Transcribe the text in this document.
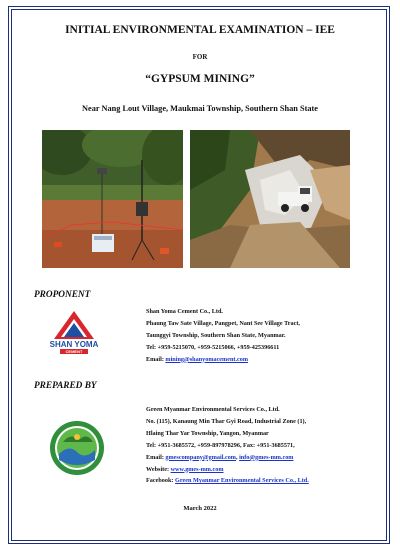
INITIAL ENVIRONMENTAL EXAMINATION – IEE
FOR
“GYPSUM MINING”
Near Nang Lout Village, Maukmai Township, Southern Shan State
PROPONENT
SHAN YOMA
CEMENT
Shan Yoma Cement Co., Ltd.
Phaung Taw Sate Village, Pangpet, Nant See Village Tract,
Taunggyi Township, Southern Shan State, Myanmar.
Tel: +959-5215070, +959-5215066, +959-425396611
Email: mining@shanyomacement.com
PREPARED BY
Green Myanmar Environmental Services Co., Ltd.
No. (115), Kanaung Min Thar Gyi Road, Industrial Zone (1),
Hlaing Thar Yar Township, Yangon, Myanmar
Tel: +951-3685572, +959-897978296, Fax: +951-3685571,
Email: gmescompany@gmail.com, info@gmes-mm.com
Website: www.gmes-mm.com
Facebook: Green Myanmar Environmental Services Co., Ltd.
March 2022
